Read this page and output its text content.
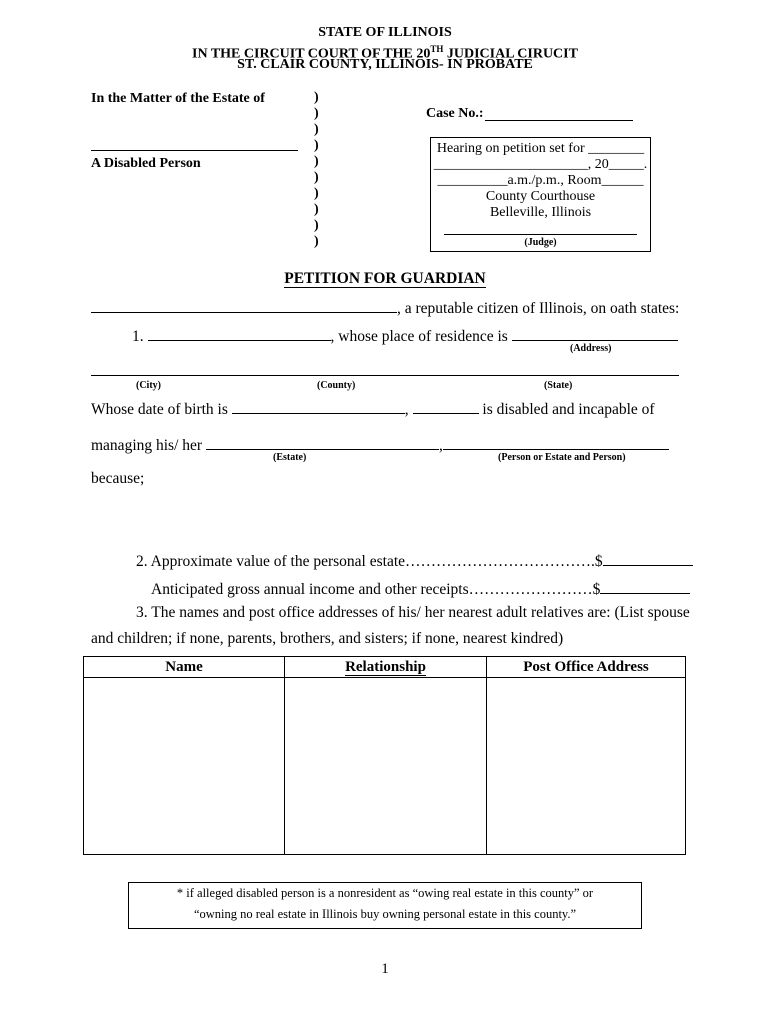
STATE OF ILLINOIS
IN THE CIRCUIT COURT OF THE 20TH JUDICIAL CIRUCIT
ST. CLAIR COUNTY, ILLINOIS- IN PROBATE
In the Matter of the Estate of
A Disabled Person
)
)
)
)
)
)
)
)
)
)
Case No.:
Hearing on petition set for ________
______________________, 20_____.
__________a.m./p.m., Room______
County Courthouse
Belleville, Illinois
(Judge)
PETITION FOR GUARDIAN
, a reputable citizen of Illinois, on oath states:
1.	, whose place of residence is
(Address)
(City)	(County)	(State)
Whose date of birth is	,	is disabled and incapable of
managing his/ her	,
(Estate)	(Person or Estate and Person)
because;
2. Approximate value of the personal estate……………………………….$
Anticipated gross annual income and other receipts……………………$
3. The names and post office addresses of his/ her nearest adult relatives are: (List spouse
and children; if none, parents, brothers, and sisters; if none, nearest kindred)
Name	Relationship	Post Office Address

* if alleged disabled person is a nonresident as “owing real estate in this county” or
“owning no real estate in Illinois buy owning personal estate in this county.”
1
